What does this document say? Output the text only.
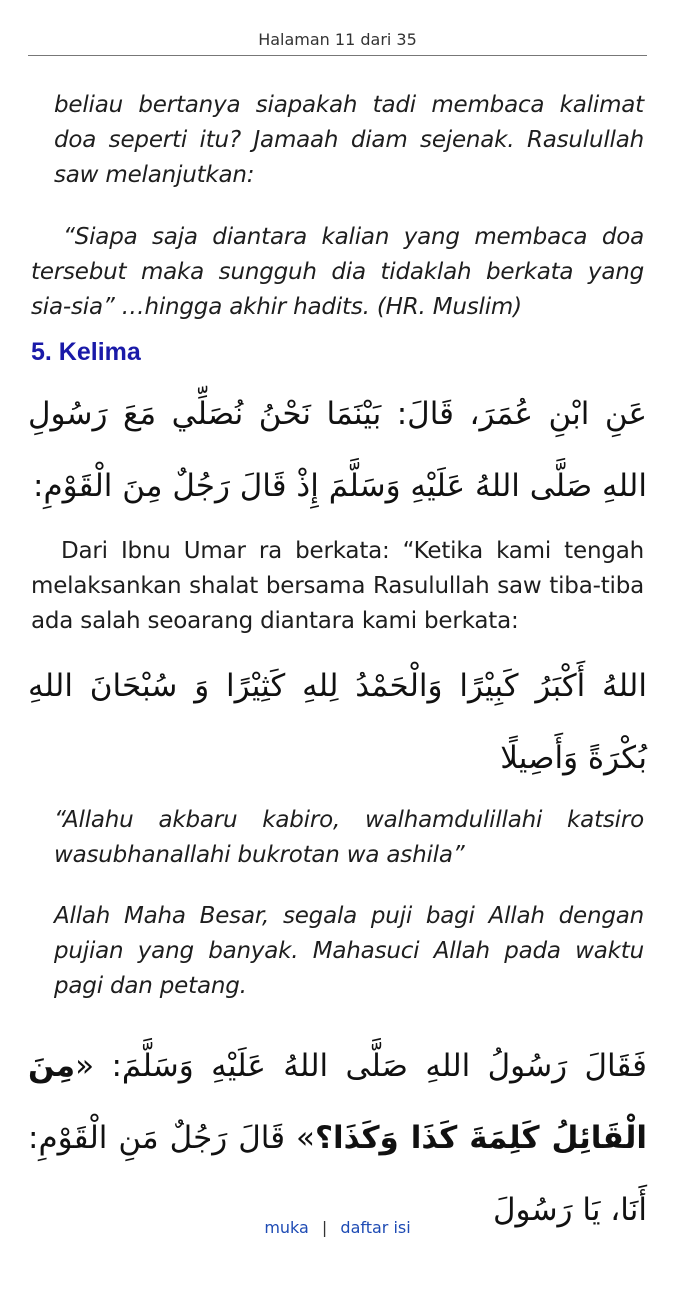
Halaman 11 dari 35
beliau bertanya siapakah tadi membaca kalimat doa seperti itu? Jamaah diam sejenak. Rasulullah saw melanjutkan:
“Siapa saja diantara kalian yang membaca doa tersebut maka sungguh dia tidaklah berkata yang sia-sia” …hingga akhir hadits. (HR. Muslim)
5. Kelima
عَنِ ابْنِ عُمَرَ، قَالَ: بَيْنَمَا نَحْنُ نُصَلِّي مَعَ رَسُولِ اللهِ صَلَّى اللهُ عَلَيْهِ وَسَلَّمَ إِذْ قَالَ رَجُلٌ مِنَ الْقَوْمِ:
Dari Ibnu Umar ra berkata: “Ketika kami tengah melaksankan shalat bersama Rasulullah saw tiba-tiba ada salah seoarang diantara kami berkata:
اللهُ أَكْبَرُ كَبِيْرًا وَالْحَمْدُ لِلهِ كَثِيْرًا وَ سُبْحَانَ اللهِ بُكْرَةً وَأَصِيلًا
“Allahu akbaru kabiro, walhamdulillahi katsiro wasubhanallahi bukrotan wa ashila”
Allah Maha Besar, segala puji bagi Allah dengan pujian yang banyak. Mahasuci Allah pada waktu pagi dan petang.
فَقَالَ رَسُولُ اللهِ صَلَّى اللهُ عَلَيْهِ وَسَلَّمَ: «مِنَ الْقَائِلُ كَلِمَةَ كَذَا وَكَذَا؟» قَالَ رَجُلٌ مَنِ الْقَوْمِ: أَنَا، يَا رَسُولَ
muka | daftar isi
